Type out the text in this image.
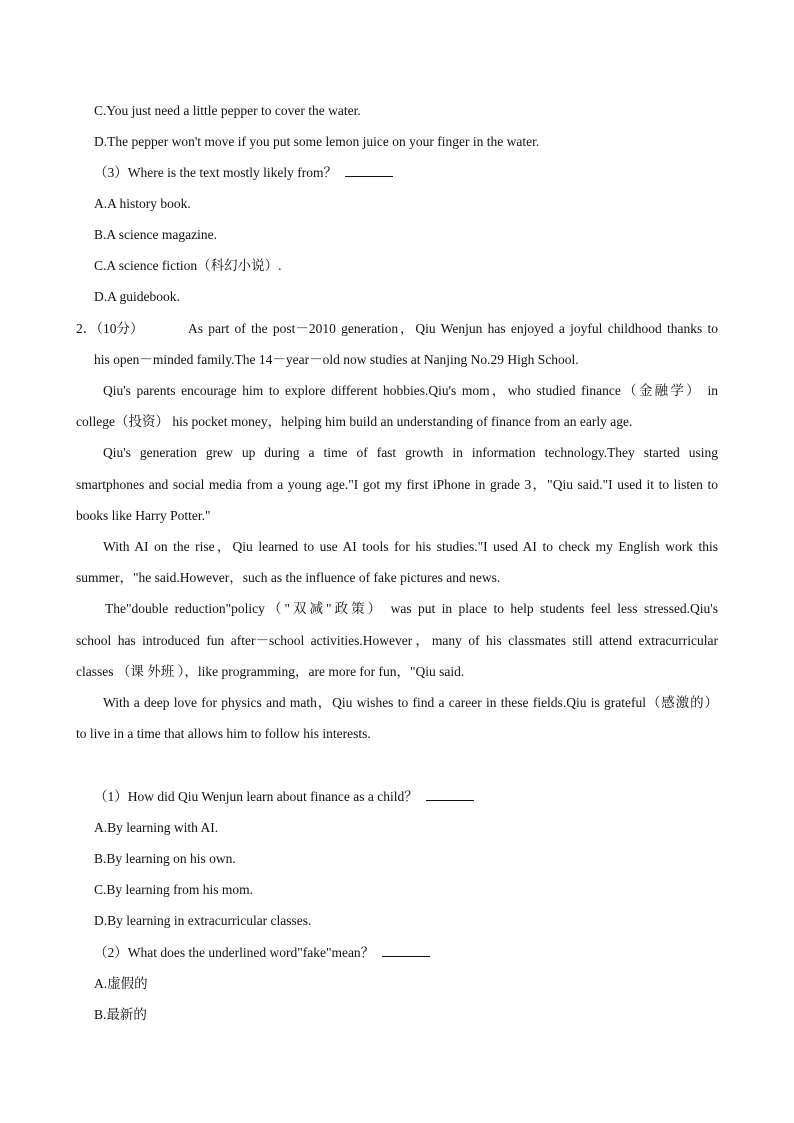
C.You just need a little pepper to cover the water.
D.The pepper won't move if you put some lemon juice on your finger in the water.
（3）Where is the text mostly likely from？
A.A history book.
B.A science magazine.
C.A science fiction（科幻小说）.
D.A guidebook.
2．（10分）	As part of the post－2010 generation，Qiu Wenjun has enjoyed a joyful childhood thanks to
his open－minded family.The 14－year－old now studies at Nanjing No.29 High School.
Qiu's parents encourage him to explore different hobbies.Qiu's mom，who studied finance（金融学） in
college（投资） his pocket money，helping him build an understanding of finance from an early age.
Qiu's generation grew up during a time of fast growth in information technology.They started using
smartphones and social media from a young age."I got my first iPhone in grade 3，"Qiu said."I used it to listen to
books like Harry Potter."
With AI on the rise，Qiu learned to use AI tools for his studies."I used AI to check my English work this
summer，"he said.However，such as the influence of fake pictures and news.
The"double reduction"policy（"双减"政策） was put in place to help students feel less stressed.Qiu's
school has introduced fun after－school activities.However，many of his classmates still attend extracurricular
classes （课 外班 ），like programming，are more for fun，"Qiu said.
With a deep love for physics and math，Qiu wishes to find a career in these fields.Qiu is grateful（感激的）
to live in a time that allows him to follow his interests.
（1）How did Qiu Wenjun learn about finance as a child？
A.By learning with AI.
B.By learning on his own.
C.By learning from his mom.
D.By learning in extracurricular classes.
（2）What does the underlined word"fake"mean？
A.虚假的
B.最新的
